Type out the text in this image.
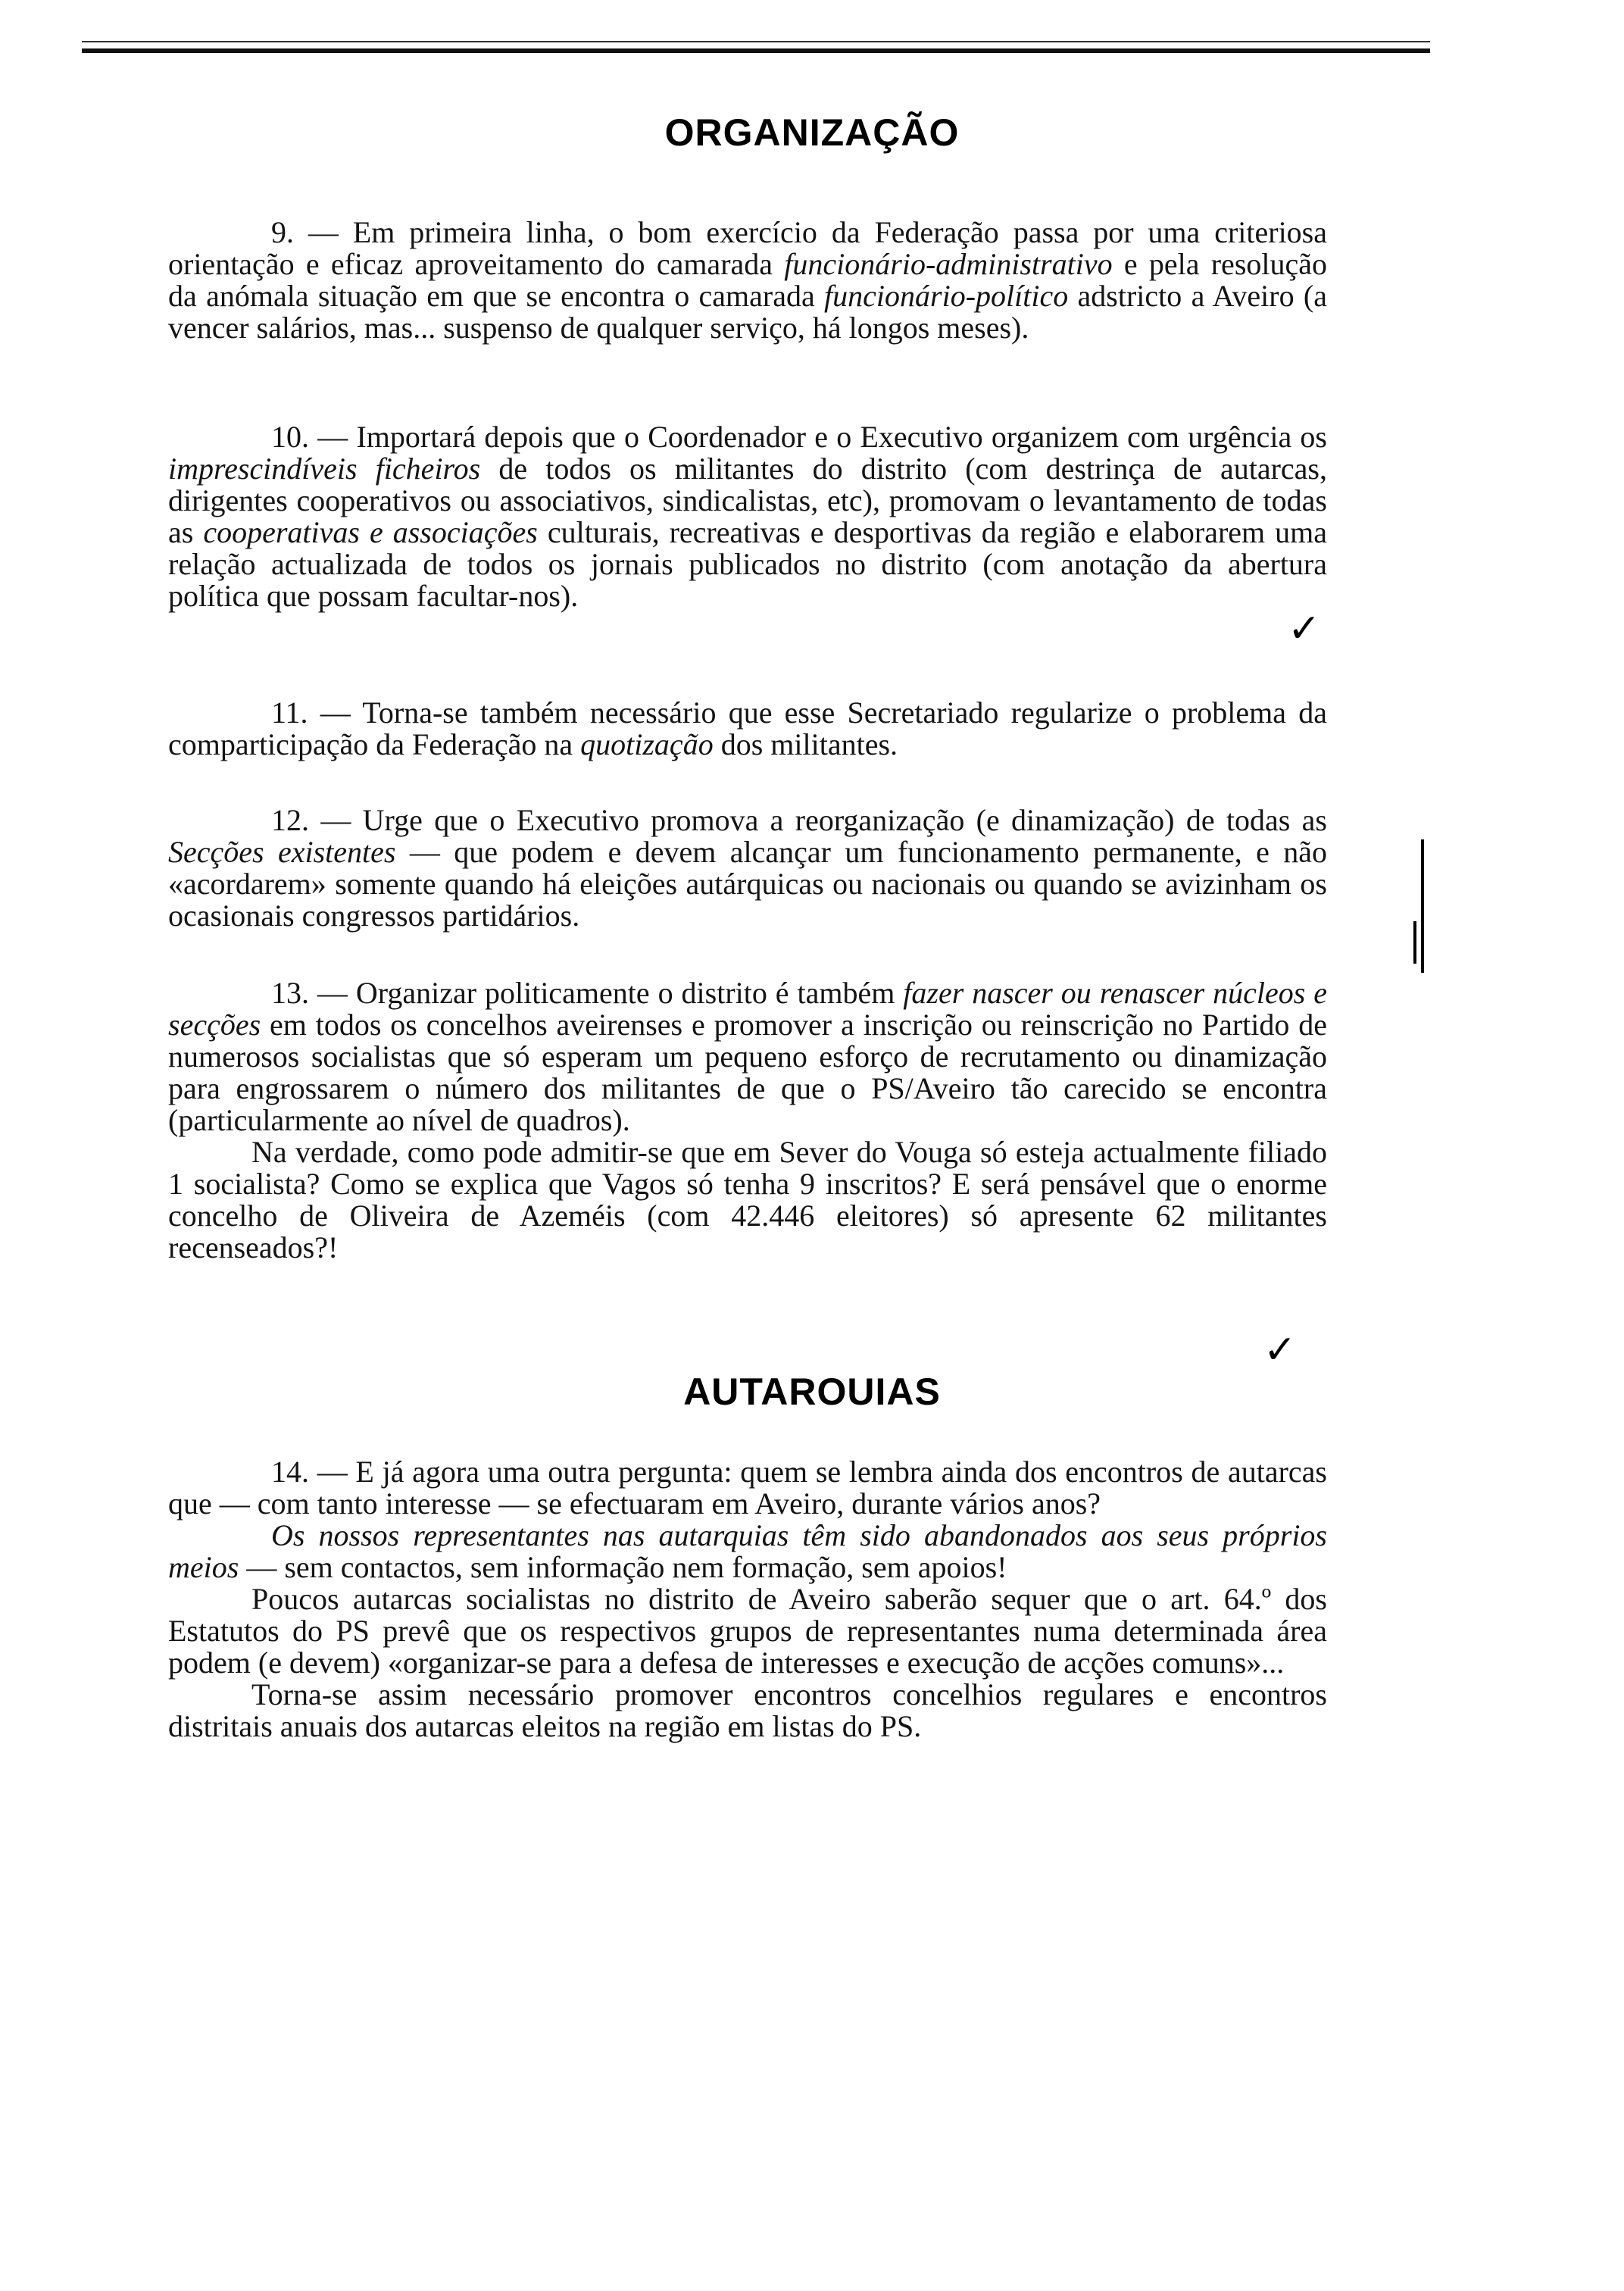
ORGANIZAÇÃO

9. — Em primeira linha, o bom exercício da Federação passa por uma criteriosa orientação e eficaz aproveitamento do camarada funcionário-administrativo e pela resolução da anómala situação em que se encontra o camarada funcionário-político adstricto a Aveiro (a vencer salários, mas... suspenso de qualquer serviço, há longos meses).

10. — Importará depois que o Coordenador e o Executivo organizem com urgência os imprescindíveis ficheiros de todos os militantes do distrito (com destrinça de autarcas, dirigentes cooperativos ou associativos, sindicalistas, etc), promovam o levantamento de todas as cooperativas e associações culturais, recreativas e desportivas da região e elaborarem uma relação actualizada de todos os jornais publicados no distrito (com anotação da abertura política que possam facultar-nos).

11. — Torna-se também necessário que esse Secretariado regularize o problema da comparticipação da Federação na quotização dos militantes.

12. — Urge que o Executivo promova a reorganização (e dinamização) de todas as Secções existentes — que podem e devem alcançar um funcionamento permanente, e não «acordarem» somente quando há eleições autárquicas ou nacionais ou quando se avizinham os ocasionais congressos partidários.

13. — Organizar politicamente o distrito é também fazer nascer ou renascer núcleos e secções em todos os concelhos aveirenses e promover a inscrição ou reinscrição no Partido de numerosos socialistas que só esperam um pequeno esforço de recrutamento ou dinamização para engrossarem o número dos militantes de que o PS/Aveiro tão carecido se encontra (particularmente ao nível de quadros).

Na verdade, como pode admitir-se que em Sever do Vouga só esteja actualmente filiado 1 socialista? Como se explica que Vagos só tenha 9 inscritos? E será pensável que o enorme concelho de Oliveira de Azeméis (com 42.446 eleitores) só apresente 62 militantes recenseados?!

AUTAROUIAS

14. — E já agora uma outra pergunta: quem se lembra ainda dos encontros de autarcas que — com tanto interesse — se efectuaram em Aveiro, durante vários anos?

Os nossos representantes nas autarquias têm sido abandonados aos seus próprios meios — sem contactos, sem informação nem formação, sem apoios!

Poucos autarcas socialistas no distrito de Aveiro saberão sequer que o art. 64.º dos Estatutos do PS prevê que os respectivos grupos de representantes numa determinada área podem (e devem) «organizar-se para a defesa de interesses e execução de acções comuns»...

Torna-se assim necessário promover encontros concelhios regulares e encontros distritais anuais dos autarcas eleitos na região em listas do PS.

✓
✓
